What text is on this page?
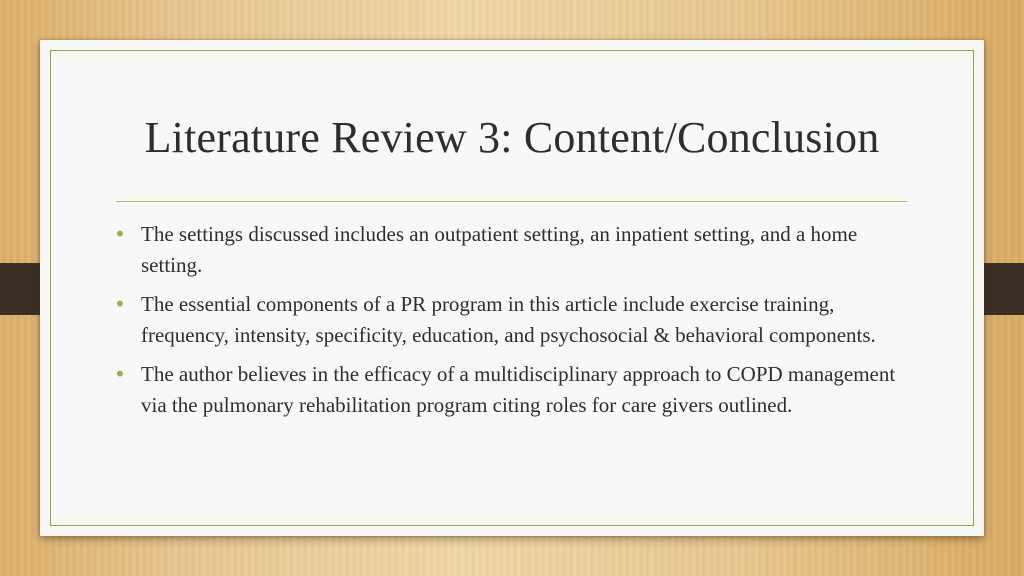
Literature Review 3: Content/Conclusion
• The settings discussed includes an outpatient setting, an inpatient setting, and a home setting.
• The essential components of a PR program in this article include exercise training, frequency, intensity, specificity, education, and psychosocial & behavioral components.
• The author believes in the efficacy of a multidisciplinary approach to COPD management via the pulmonary rehabilitation program citing roles for care givers outlined.
